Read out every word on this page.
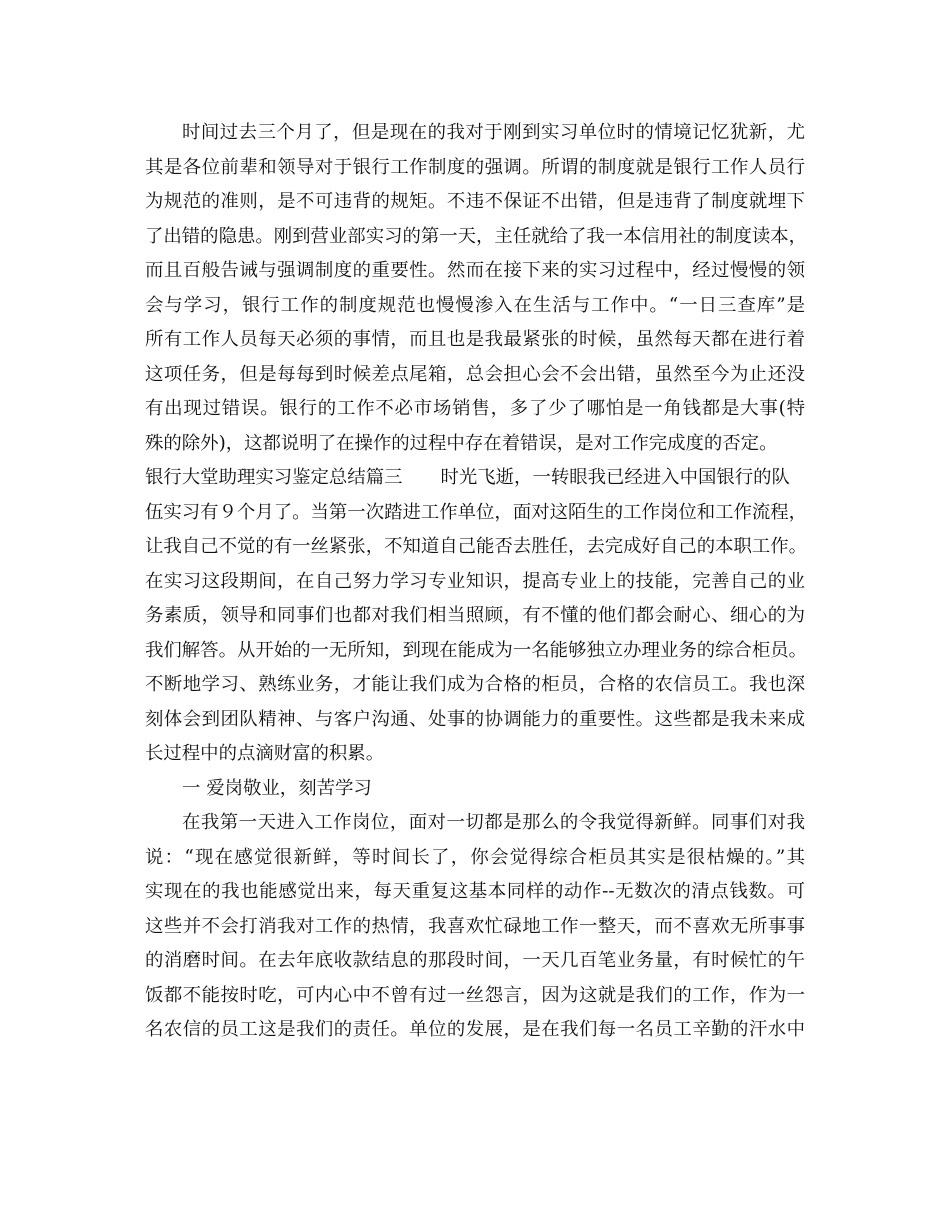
时间过去三个月了，但是现在的我对于刚到实习单位时的情境记忆犹新，尤
其是各位前辈和领导对于银行工作制度的强调。所谓的制度就是银行工作人员行
为规范的准则，是不可违背的规矩。不违不保证不出错，但是违背了制度就埋下
了出错的隐患。刚到营业部实习的第一天，主任就给了我一本信用社的制度读本，
而且百般告诫与强调制度的重要性。然而在接下来的实习过程中，经过慢慢的领
会与学习，银行工作的制度规范也慢慢渗入在生活与工作中。“一日三查库”是
所有工作人员每天必须的事情，而且也是我最紧张的时候，虽然每天都在进行着
这项任务，但是每每到时候差点尾箱，总会担心会不会出错，虽然至今为止还没
有出现过错误。银行的工作不必市场销售，多了少了哪怕是一角钱都是大事(特
殊的除外)，这都说明了在操作的过程中存在着错误，是对工作完成度的否定。
银行大堂助理实习鉴定总结篇三 时光飞逝，一转眼我已经进入中国银行的队
伍实习有９个月了。当第一次踏进工作单位，面对这陌生的工作岗位和工作流程，
让我自己不觉的有一丝紧张，不知道自己能否去胜任，去完成好自己的本职工作。
在实习这段期间，在自己努力学习专业知识，提高专业上的技能，完善自己的业
务素质，领导和同事们也都对我们相当照顾，有不懂的他们都会耐心、细心的为
我们解答。从开始的一无所知，到现在能成为一名能够独立办理业务的综合柜员。
不断地学习、熟练业务，才能让我们成为合格的柜员，合格的农信员工。我也深
刻体会到团队精神、与客户沟通、处事的协调能力的重要性。这些都是我未来成
长过程中的点滴财富的积累。
一 爱岗敬业，刻苦学习
在我第一天进入工作岗位，面对一切都是那么的令我觉得新鲜。同事们对我
说：“现在感觉很新鲜，等时间长了，你会觉得综合柜员其实是很枯燥的。”其
实现在的我也能感觉出来，每天重复这基本同样的动作--无数次的清点钱数。可
这些并不会打消我对工作的热情，我喜欢忙碌地工作一整天，而不喜欢无所事事
的消磨时间。在去年底收款结息的那段时间，一天几百笔业务量，有时候忙的午
饭都不能按时吃，可内心中不曾有过一丝怨言，因为这就是我们的工作，作为一
名农信的员工这是我们的责任。单位的发展，是在我们每一名员工辛勤的汗水中
